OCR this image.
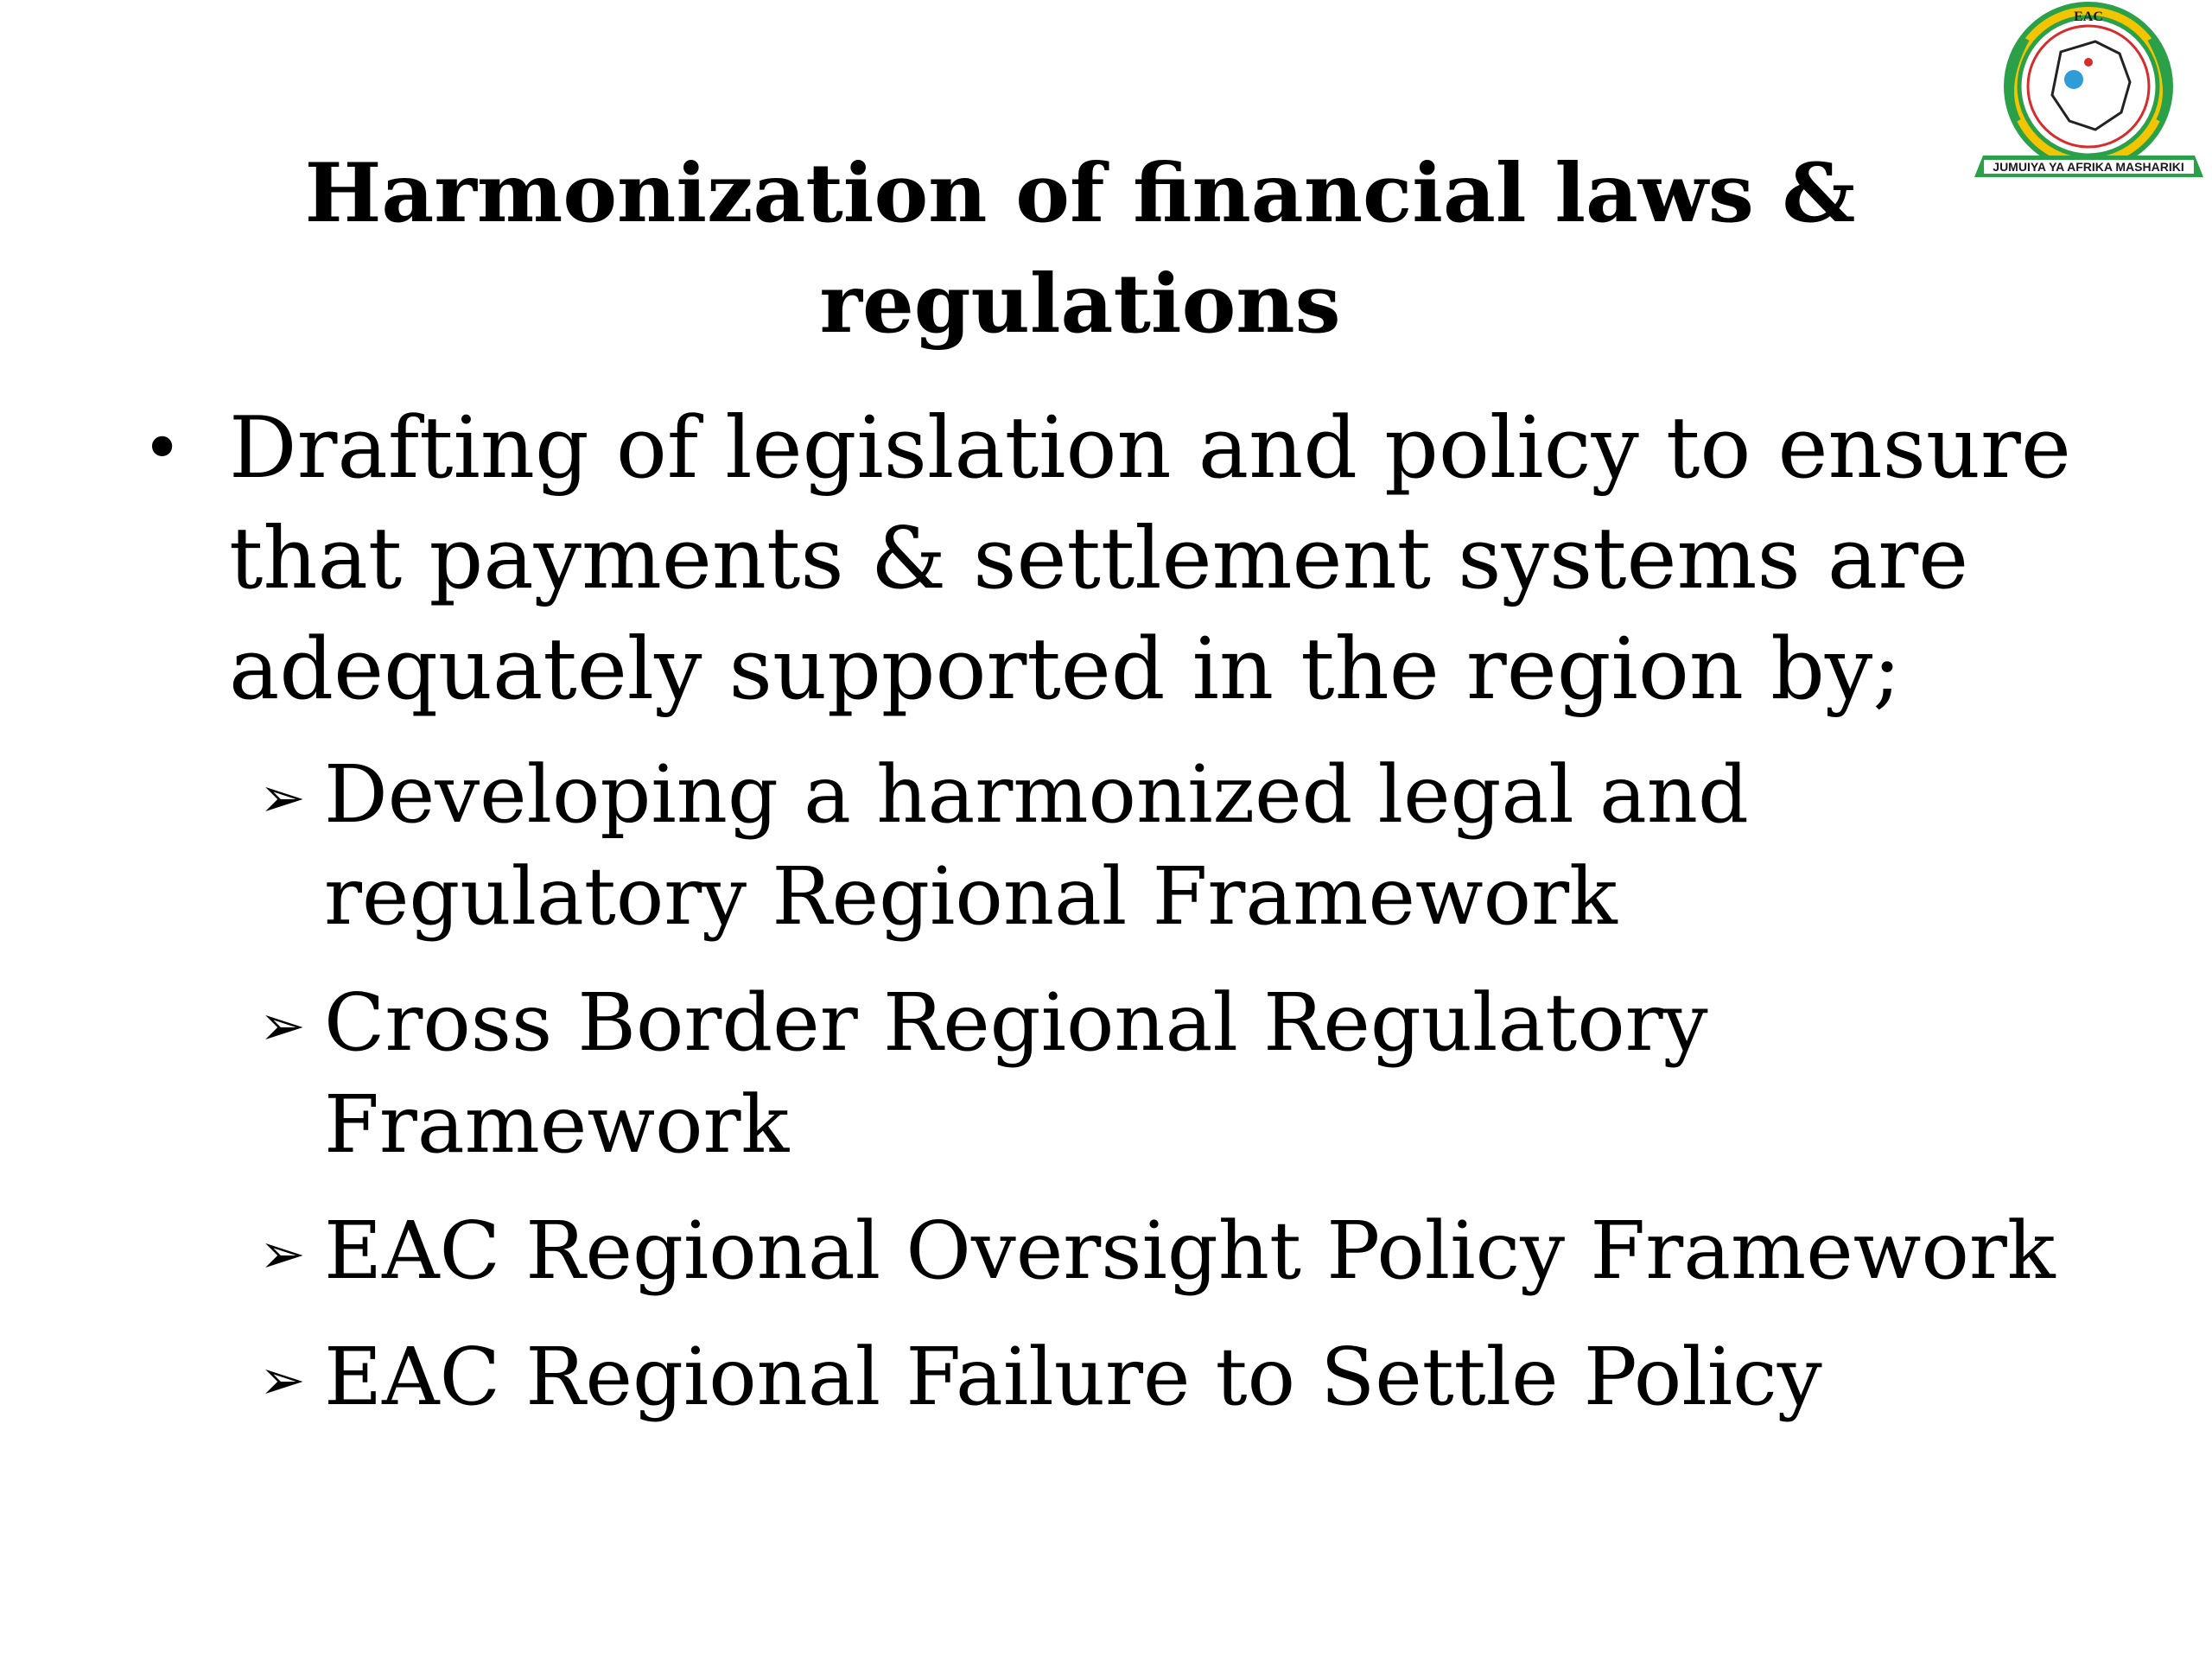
Harmonization of financial laws & regulations
JUMUIYA YA AFRIKA MASHARIKI
EAC

• Drafting of legislation and policy to ensure that payments & settlement systems are adequately supported in the region by;

➢ Developing a harmonized legal and regulatory Regional Framework

➢ Cross Border Regional Regulatory Framework

➢ EAC Regional Oversight Policy Framework

➢ EAC Regional Failure to Settle Policy
